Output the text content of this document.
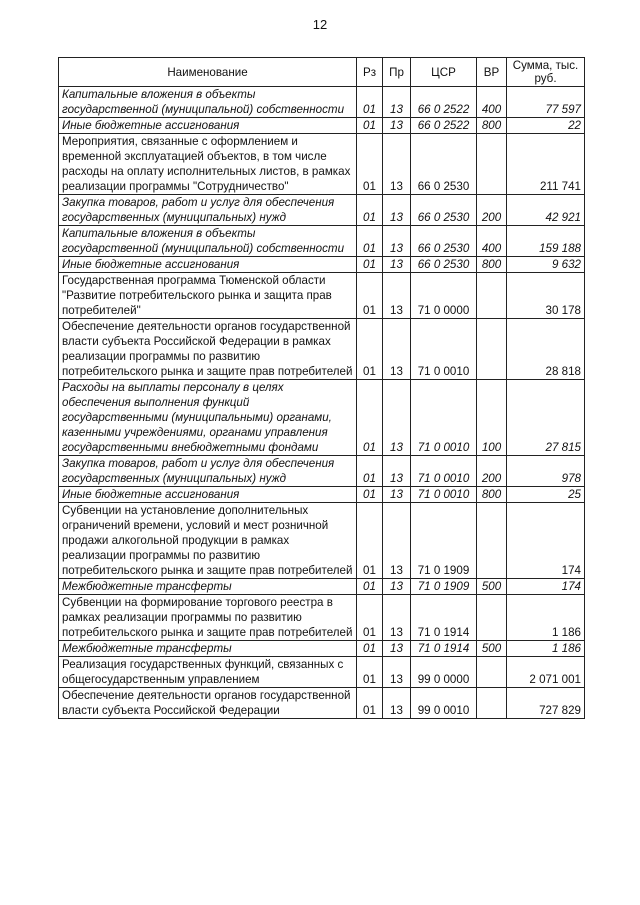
12
Наименование	Рз	Пр	ЦСР	ВР	Сумма, тыс. руб.
Капитальные вложения в объекты государственной (муниципальной) собственности	01	13	66 0 2522	400	77 597
Иные бюджетные ассигнования	01	13	66 0 2522	800	22
Мероприятия, связанные с оформлением и временной эксплуатацией объектов, в том числе расходы на оплату исполнительных листов, в рамках реализации программы "Сотрудничество"	01	13	66 0 2530		211 741
Закупка товаров, работ и услуг для обеспечения государственных (муниципальных) нужд	01	13	66 0 2530	200	42 921
Капитальные вложения в объекты государственной (муниципальной) собственности	01	13	66 0 2530	400	159 188
Иные бюджетные ассигнования	01	13	66 0 2530	800	9 632
Государственная программа Тюменской области "Развитие потребительского рынка и защита прав потребителей"	01	13	71 0 0000		30 178
Обеспечение деятельности органов государственной власти субъекта Российской Федерации в рамках реализации программы по развитию потребительского рынка и защите прав потребителей	01	13	71 0 0010		28 818
Расходы на выплаты персоналу в целях обеспечения выполнения функций государственными (муниципальными) органами, казенными учреждениями, органами управления государственными внебюджетными фондами	01	13	71 0 0010	100	27 815
Закупка товаров, работ и услуг для обеспечения государственных (муниципальных) нужд	01	13	71 0 0010	200	978
Иные бюджетные ассигнования	01	13	71 0 0010	800	25
Субвенции на установление дополнительных ограничений времени, условий и мест розничной продажи алкогольной продукции в рамках реализации программы по развитию потребительского рынка и защите прав потребителей	01	13	71 0 1909		174
Межбюджетные трансферты	01	13	71 0 1909	500	174
Субвенции на формирование торгового реестра в рамках реализации программы по развитию потребительского рынка и защите прав потребителей	01	13	71 0 1914		1 186
Межбюджетные трансферты	01	13	71 0 1914	500	1 186
Реализация государственных функций, связанных с общегосударственным управлением	01	13	99 0 0000		2 071 001
Обеспечение деятельности органов государственной власти субъекта Российской Федерации	01	13	99 0 0010		727 829
